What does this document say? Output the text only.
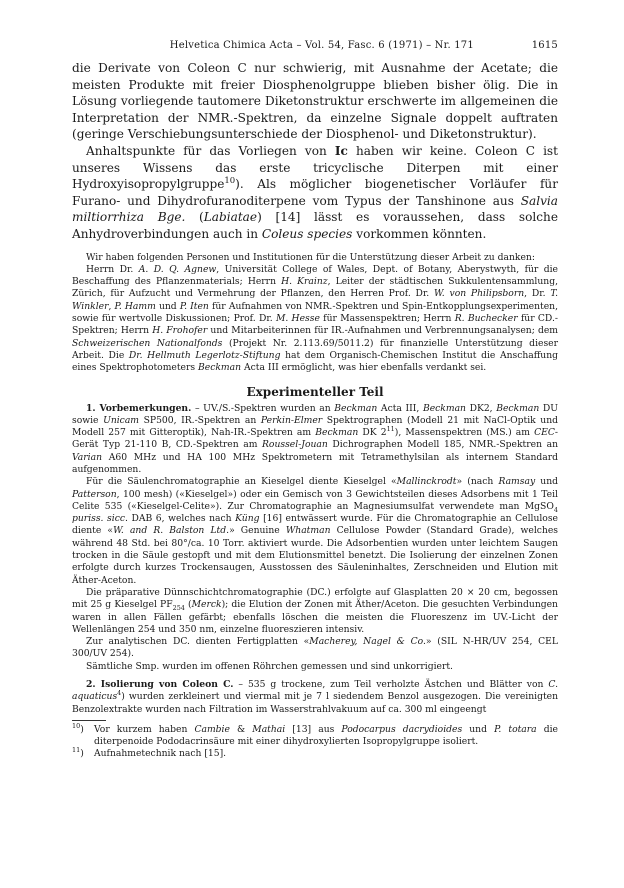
Helvetica Chimica Acta – Vol. 54, Fasc. 6 (1971) – Nr. 171	1615

die Derivate von Coleon C nur schwierig, mit Ausnahme der Acetate; die meisten Produkte mit freier Diosphenolgruppe blieben bisher ölig. Die in Lösung vorliegende tautomere Diketonstruktur erschwerte im allgemeinen die Interpretation der NMR.-Spektren, da einzelne Signale doppelt auftraten (geringe Verschiebungsunterschiede der Diosphenol- und Diketonstruktur).

Anhaltspunkte für das Vorliegen von Ic haben wir keine. Coleon C ist unseres Wissens das erste tricyclische Diterpen mit einer Hydroxyisopropylgruppe$^{10}$). Als möglicher biogenetischer Vorläufer für Furano- und Dihydrofuranoditerpene vom Typus der Tanshinone aus Salvia miltiorrhiza Bge. (Labiatae) [14] lässt es voraussehen, dass solche Anhydroverbindungen auch in Coleus species vorkommen könnten.

Wir haben folgenden Personen und Institutionen für die Unterstützung dieser Arbeit zu danken:

Herrn Dr. A. D. Q. Agnew, Universität College of Wales, Dept. of Botany, Aberystwyth, für die Beschaffung des Pflanzenmaterials; Herrn H. Krainz, Leiter der städtischen Sukkulentensammlung, Zürich, für Aufzucht und Vermehrung der Pflanzen, den Herren Prof. Dr. W. von Philipsborn, Dr. T. Winkler, P. Hamm und P. Iten für Aufnahmen von NMR.-Spektren und Spin-Entkopplungsexperimenten, sowie für wertvolle Diskussionen; Prof. Dr. M. Hesse für Massenspektren; Herrn R. Buchecker für CD.-Spektren; Herrn H. Frohofer und Mitarbeiterinnen für IR.-Aufnahmen und Verbrennungsanalysen; dem Schweizerischen Nationalfonds (Projekt Nr. 2.113.69/5011.2) für finanzielle Unterstützung dieser Arbeit. Die Dr. Hellmuth Legerlotz-Stiftung hat dem Organisch-Chemischen Institut die Anschaffung eines Spektrophotometers Beckman Acta III ermöglicht, was hier ebenfalls verdankt sei.

Experimenteller Teil

1. Vorbemerkungen. – UV./S.-Spektren wurden an Beckman Acta III, Beckman DK2, Beckman DU sowie Unicam SP500, IR.-Spektren an Perkin-Elmer Spektrographen (Modell 21 mit NaCl-Optik und Modell 257 mit Gitteroptik), Nah-IR.-Spektren am Beckman DK $2^{11}$), Massenspektren (MS.) am CEC-Gerät Typ 21-110 B, CD.-Spektren am Roussel-Jouan Dichrographen Modell 185, NMR.-Spektren an Varian A60 MHz und HA 100 MHz Spektrometern mit Tetramethylsilan als internem Standard aufgenommen.

Für die Säulenchromatographie an Kieselgel diente Kieselgel «Mallinckrodt» (nach Ramsay und Patterson, 100 mesh) («Kieselgel») oder ein Gemisch von 3 Gewichtsteilen dieses Adsorbens mit 1 Teil Celite 535 («Kieselgel-Celite»). Zur Chromatographie an Magnesiumsulfat verwendete man MgSO$_4$ puriss. sicc. DAB 6, welches nach Küng [16] entwässert wurde. Für die Chromatographie an Cellulose diente «W. and R. Balston Ltd.» Genuine Whatman Cellulose Powder (Standard Grade), welches während 48 Std. bei 80°/ca. 10 Torr. aktiviert wurde. Die Adsorbentien wurden unter leichtem Saugen trocken in die Säule gestopft und mit dem Elutionsmittel benetzt. Die Isolierung der einzelnen Zonen erfolgte durch kurzes Trockensaugen, Ausstossen des Säuleninhaltes, Zerschneiden und Elution mit Äther-Aceton.

Die präparative Dünnschichtchromatographie (DC.) erfolgte auf Glasplatten 20 × 20 cm, begossen mit 25 g Kieselgel $PF_{254}$ (Merck); die Elution der Zonen mit Äther/Aceton. Die gesuchten Verbindungen waren in allen Fällen gefärbt; ebenfalls löschen die meisten die Fluoreszenz im UV.-Licht der Wellenlängen 254 und 350 nm, einzelne fluoreszieren intensiv.

Zur analytischen DC. dienten Fertigplatten «Macherey, Nagel & Co.» (SIL N-HR/UV 254, CEL 300/UV 254).

Sämtliche Smp. wurden im offenen Röhrchen gemessen und sind unkorrigiert.

2. Isolierung von Coleon C. – 535 g trockene, zum Teil verholzte Ästchen und Blätter von C. aquaticus$^4$) wurden zerkleinert und viermal mit je 7 l siedendem Benzol ausgezogen. Die vereinigten Benzolextrakte wurden nach Filtration im Wasserstrahlvakuum auf ca. 300 ml eingeengt

$^{10}$)	Vor kurzem haben Cambie & Mathai [13] aus Podocarpus dacrydioides und P. totara die diterpenoide Pododacrinsäure mit einer dihydroxylierten Isopropylgruppe isoliert.
$^{11}$)	Aufnahmetechnik nach [15].
